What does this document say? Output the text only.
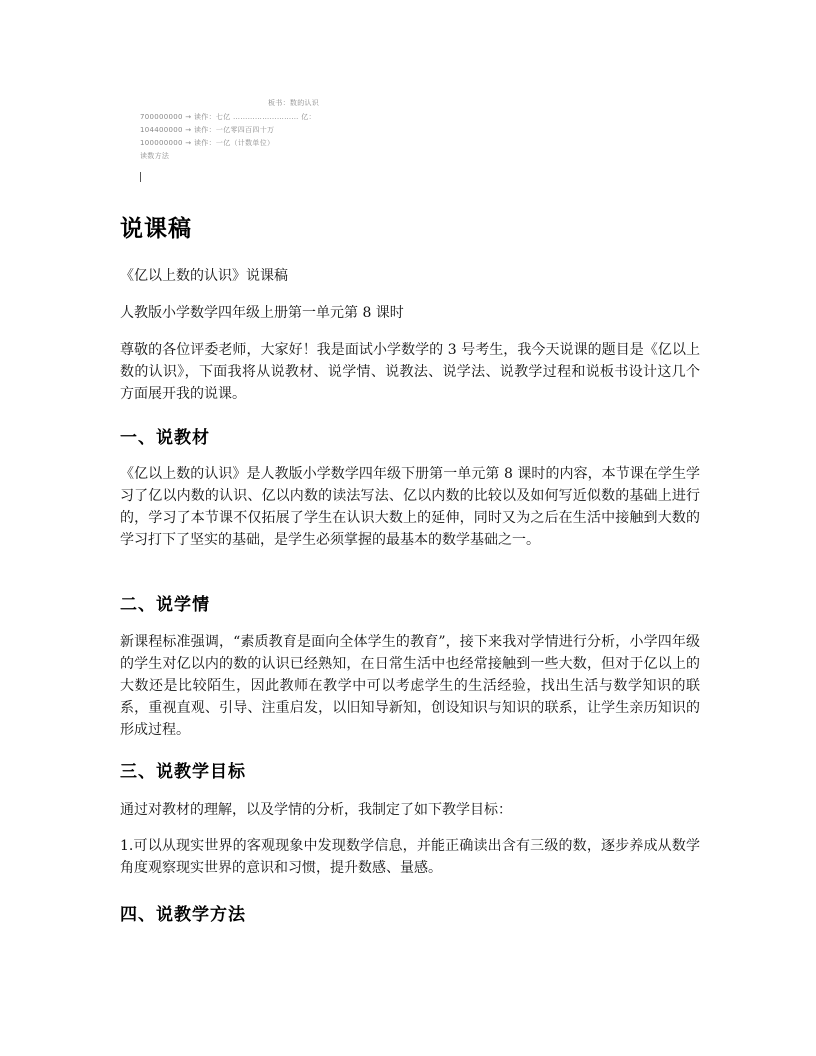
板书：数的认识
700000000 → 读作：七亿 ……………………… 亿：
104400000 → 读作：一亿零四百四十万
100000000 → 读作：一亿（计数单位）
读数方法
说课稿
《亿以上数的认识》说课稿
人教版小学数学四年级上册第一单元第 8 课时
尊敬的各位评委老师，大家好！我是面试小学数学的 3 号考生，我今天说课的题目是《亿以上数的认识》，下面我将从说教材、说学情、说教法、说学法、说教学过程和说板书设计这几个方面展开我的说课。
一、说教材
《亿以上数的认识》是人教版小学数学四年级下册第一单元第 8 课时的内容，本节课在学生学习了亿以内数的认识、亿以内数的读法写法、亿以内数的比较以及如何写近似数的基础上进行的，学习了本节课不仅拓展了学生在认识大数上的延伸，同时又为之后在生活中接触到大数的学习打下了坚实的基础，是学生必须掌握的最基本的数学基础之一。
二、说学情
新课程标准强调，“素质教育是面向全体学生的教育”，接下来我对学情进行分析，小学四年级的学生对亿以内的数的认识已经熟知，在日常生活中也经常接触到一些大数，但对于亿以上的大数还是比较陌生，因此教师在教学中可以考虑学生的生活经验，找出生活与数学知识的联系，重视直观、引导、注重启发，以旧知导新知，创设知识与知识的联系，让学生亲历知识的形成过程。
三、说教学目标
通过对教材的理解，以及学情的分析，我制定了如下教学目标：
1.可以从现实世界的客观现象中发现数学信息，并能正确读出含有三级的数，逐步养成从数学角度观察现实世界的意识和习惯，提升数感、量感。
四、说教学方法
